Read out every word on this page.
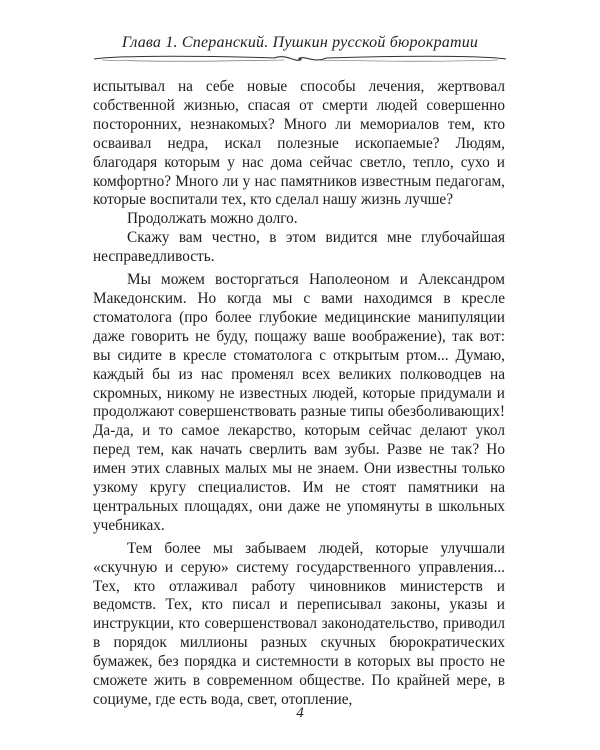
Глава 1. Сперанский. Пушкин русской бюрократии

испытывал на себе новые способы лечения, жертвовал собственной жизнью, спасая от смерти людей совершенно посторонних, незнакомых? Много ли мемориалов тем, кто осваивал недра, искал полезные ископаемые? Людям, благодаря которым у нас дома сейчас светло, тепло, сухо и комфортно? Много ли у нас памятников известным педагогам, которые воспитали тех, кто сделал нашу жизнь лучше?

Продолжать можно долго.

Скажу вам честно, в этом видится мне глубочайшая несправедливость.

Мы можем восторгаться Наполеоном и Александром Македонским. Но когда мы с вами находимся в кресле стоматолога (про более глубокие медицинские манипуляции даже говорить не буду, пощажу ваше воображение), так вот: вы сидите в кресле стоматолога с открытым ртом... Думаю, каждый бы из нас променял всех великих полководцев на скромных, никому не известных людей, которые придумали и продолжают совершенствовать разные типы обезболивающих! Да-да, и то самое лекарство, которым сейчас делают укол перед тем, как начать сверлить вам зубы. Разве не так? Но имен этих славных малых мы не знаем. Они известны только узкому кругу специалистов. Им не стоят памятники на центральных площадях, они даже не упомянуты в школьных учебниках.

Тем более мы забываем людей, которые улучшали «скучную и серую» систему государственного управления... Тех, кто отлаживал работу чиновников министерств и ведомств. Тех, кто писал и переписывал законы, указы и инструкции, кто совершенствовал законодательство, приводил в порядок миллионы разных скучных бюрократических бумажек, без порядка и системности в которых вы просто не сможете жить в современном обществе. По крайней мере, в социуме, где есть вода, свет, отопление,

4
